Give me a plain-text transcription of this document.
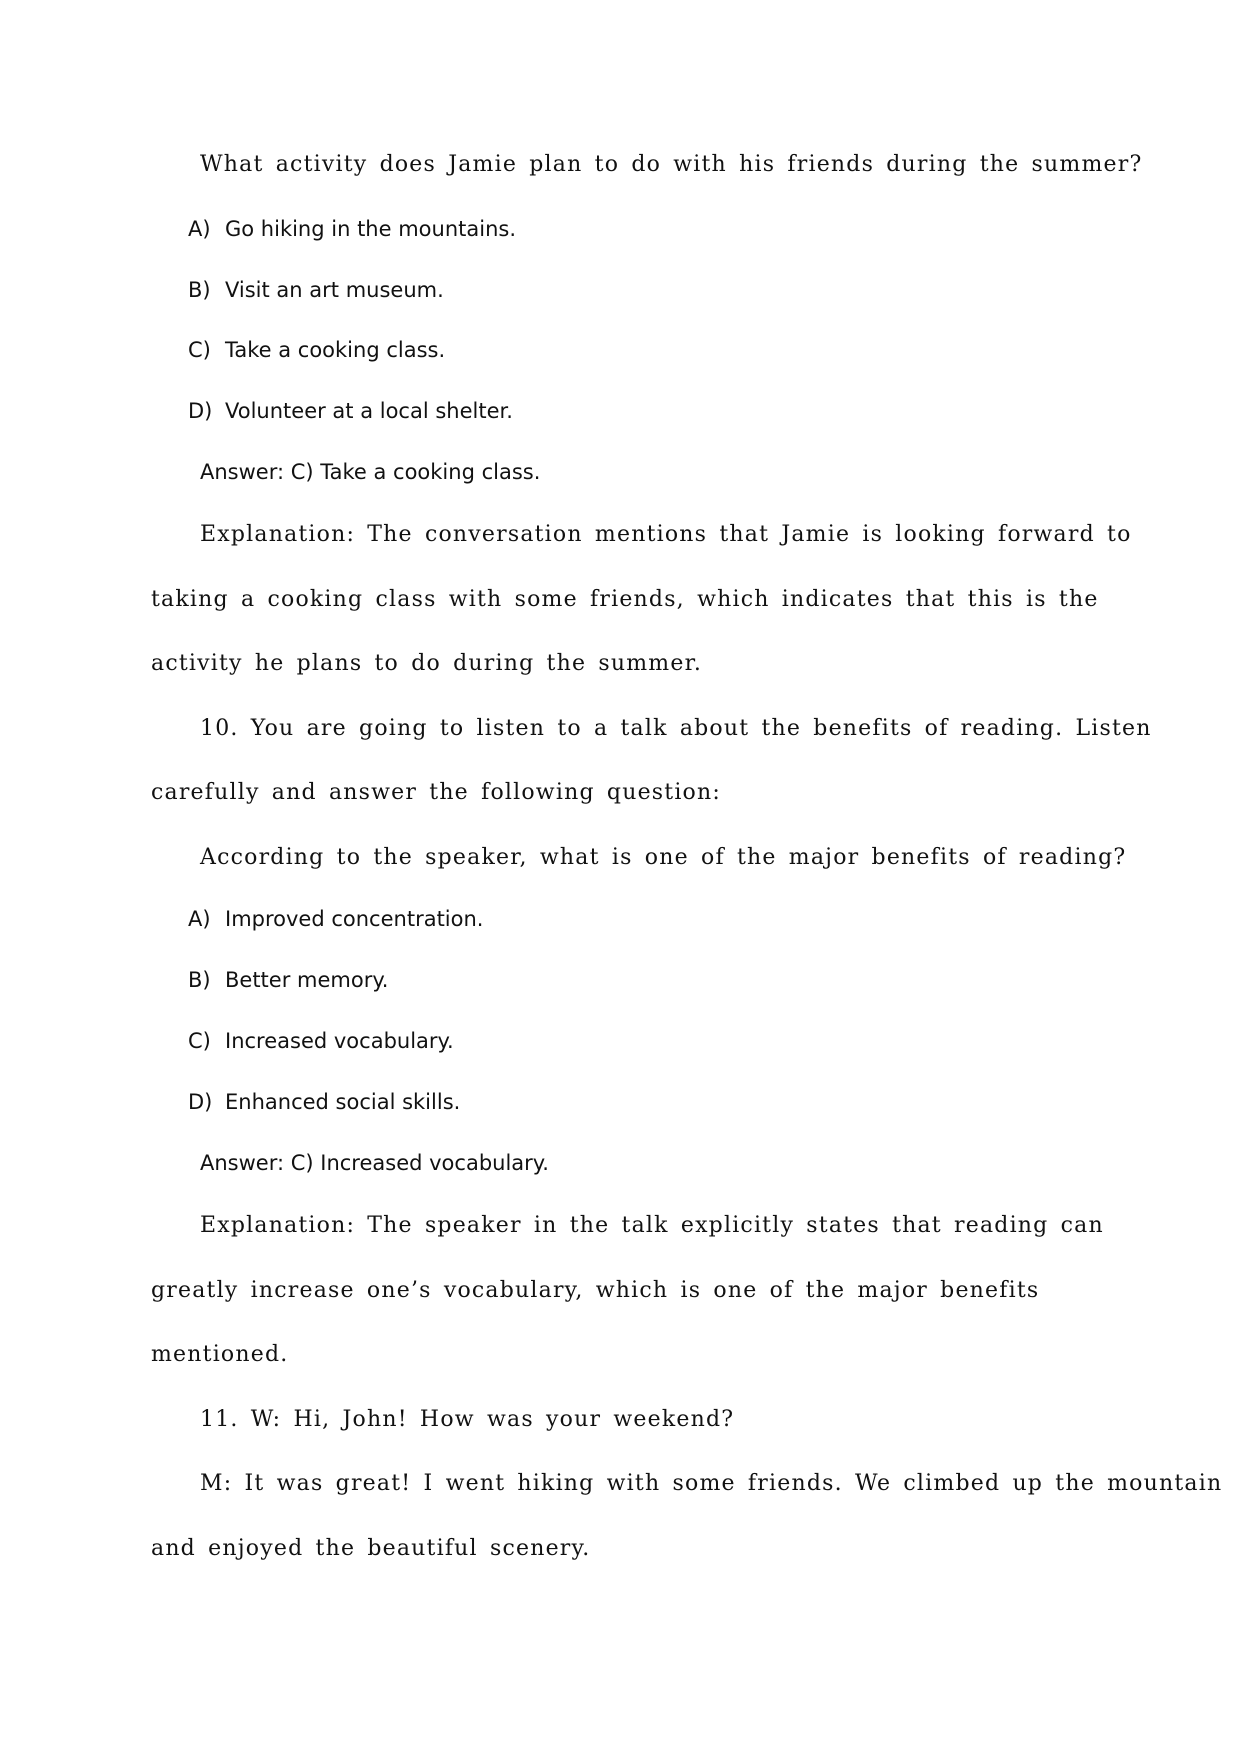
What activity does Jamie plan to do with his friends during the summer?
A) Go hiking in the mountains.
B) Visit an art museum.
C) Take a cooking class.
D) Volunteer at a local shelter.
Answer: C) Take a cooking class.
Explanation: The conversation mentions that Jamie is looking forward to
taking a cooking class with some friends, which indicates that this is the
activity he plans to do during the summer.
10. You are going to listen to a talk about the benefits of reading. Listen
carefully and answer the following question:
According to the speaker, what is one of the major benefits of reading?
A) Improved concentration.
B) Better memory.
C) Increased vocabulary.
D) Enhanced social skills.
Answer: C) Increased vocabulary.
Explanation: The speaker in the talk explicitly states that reading can
greatly increase one’s vocabulary, which is one of the major benefits
mentioned.
11. W: Hi, John! How was your weekend?
M: It was great! I went hiking with some friends. We climbed up the mountain
and enjoyed the beautiful scenery.
